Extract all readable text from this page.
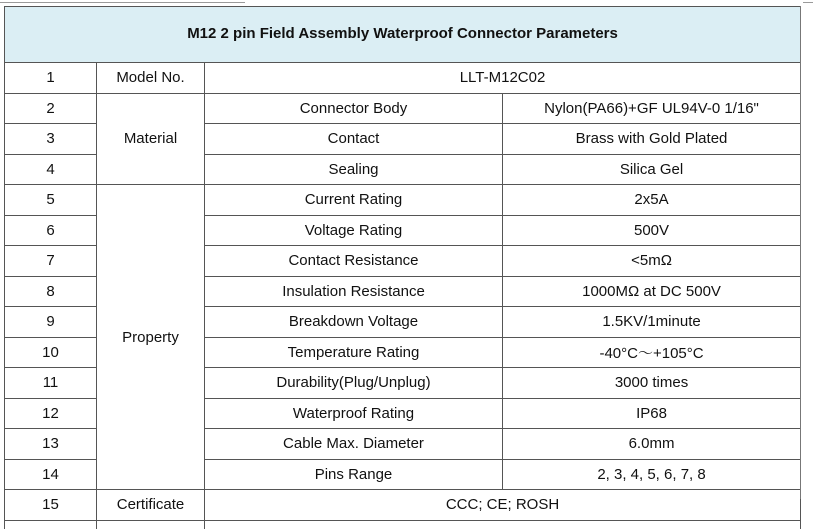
M12 2 pin Field Assembly Waterproof Connector Parameters			
1	Model No.	LLT-M12C02	
2	Material	Connector Body	Nylon(PA66)+GF UL94V-0 1/16"
3		Contact	Brass with Gold Plated
4		Sealing	Silica Gel
5	Property	Current Rating	2x5A
6		Voltage Rating	500V
7		Contact Resistance	<5mΩ
8		Insulation Resistance	1000MΩ at DC 500V
9		Breakdown Voltage	1.5KV/1minute
10		Temperature Rating	-40°C～+105°C
11		Durability(Plug/Unplug)	3000 times
12		Waterproof Rating	IP68
13		Cable Max. Diameter	6.0mm
14		Pins Range	2, 3, 4, 5, 6, 7, 8
15	Certificate	CCC; CE; ROSH	
